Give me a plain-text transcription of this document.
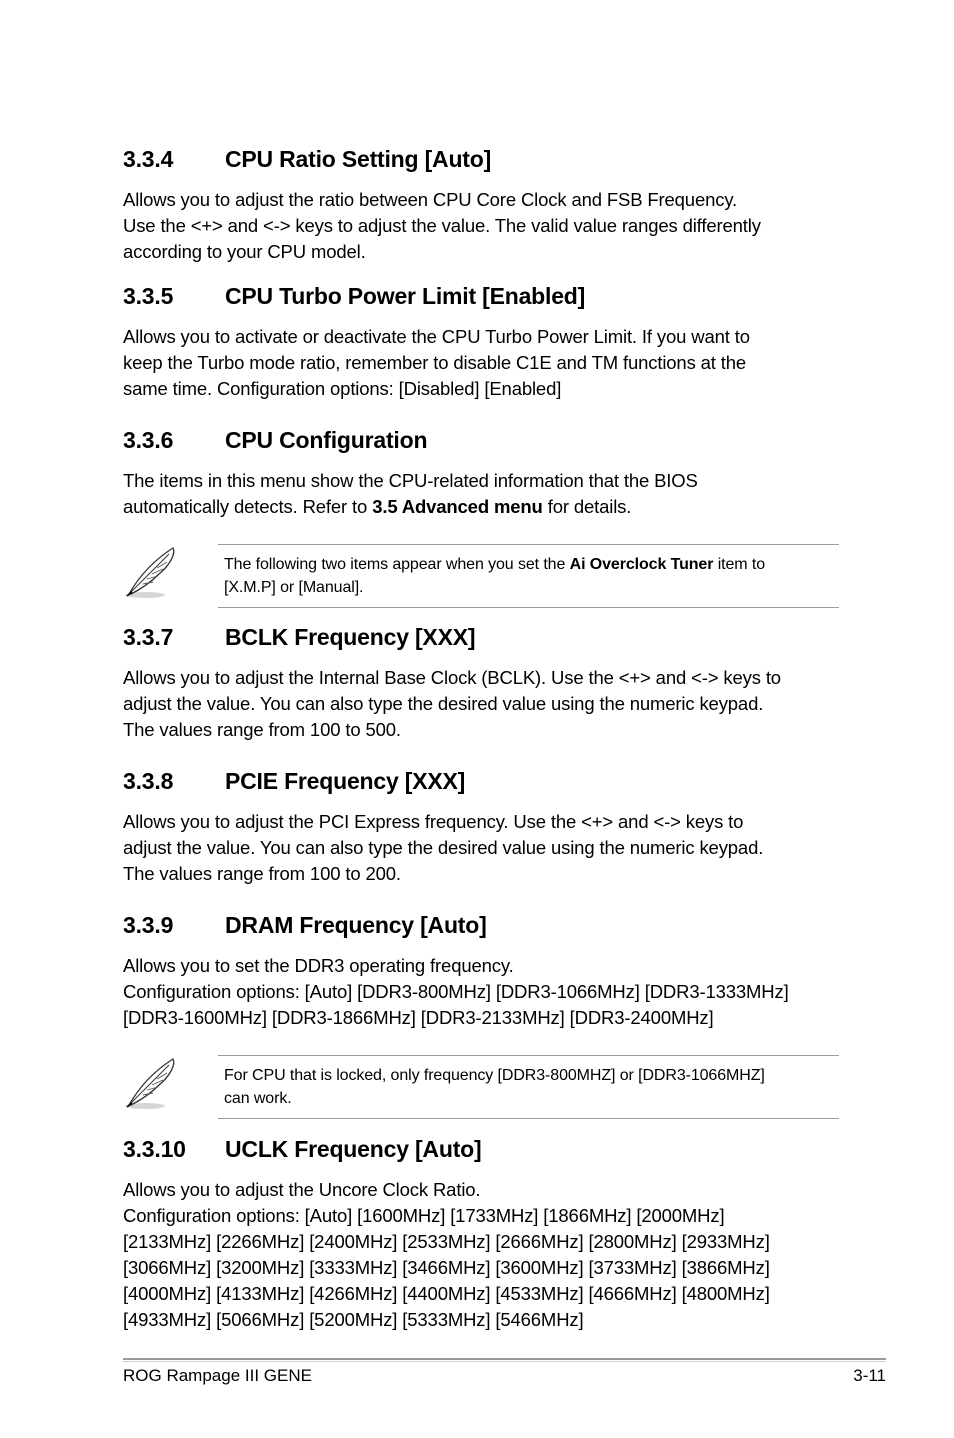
3.3.4	CPU Ratio Setting [Auto]
Allows you to adjust the ratio between CPU Core Clock and FSB Frequency.
Use the <+> and <-> keys to adjust the value. The valid value ranges differently
according to your CPU model.
3.3.5	CPU Turbo Power Limit [Enabled]
Allows you to activate or deactivate the CPU Turbo Power Limit. If you want to
keep the Turbo mode ratio, remember to disable C1E and TM functions at the
same time. Configuration options: [Disabled] [Enabled]
3.3.6	CPU Configuration
The items in this menu show the CPU-related information that the BIOS
automatically detects. Refer to 3.5 Advanced menu for details.
The following two items appear when you set the Ai Overclock Tuner item to
[X.M.P] or [Manual].
3.3.7	BCLK Frequency [XXX]
Allows you to adjust the Internal Base Clock (BCLK). Use the <+> and <-> keys to
adjust the value. You can also type the desired value using the numeric keypad.
The values range from 100 to 500.
3.3.8	PCIE Frequency [XXX]
Allows you to adjust the PCI Express frequency. Use the <+> and <-> keys to
adjust the value. You can also type the desired value using the numeric keypad.
The values range from 100 to 200.
3.3.9	DRAM Frequency [Auto]
Allows you to set the DDR3 operating frequency.
Configuration options: [Auto] [DDR3-800MHz] [DDR3-1066MHz] [DDR3-1333MHz]
[DDR3-1600MHz] [DDR3-1866MHz] [DDR3-2133MHz] [DDR3-2400MHz]
For CPU that is locked, only frequency [DDR3-800MHZ] or [DDR3-1066MHZ]
can work.
3.3.10	UCLK Frequency [Auto]
Allows you to adjust the Uncore Clock Ratio.
Configuration options: [Auto] [1600MHz] [1733MHz] [1866MHz] [2000MHz]
[2133MHz] [2266MHz] [2400MHz] [2533MHz] [2666MHz] [2800MHz] [2933MHz]
[3066MHz] [3200MHz] [3333MHz] [3466MHz] [3600MHz] [3733MHz] [3866MHz]
[4000MHz] [4133MHz] [4266MHz] [4400MHz] [4533MHz] [4666MHz] [4800MHz]
[4933MHz] [5066MHz] [5200MHz] [5333MHz] [5466MHz]
ROG Rampage III GENE	3-11
